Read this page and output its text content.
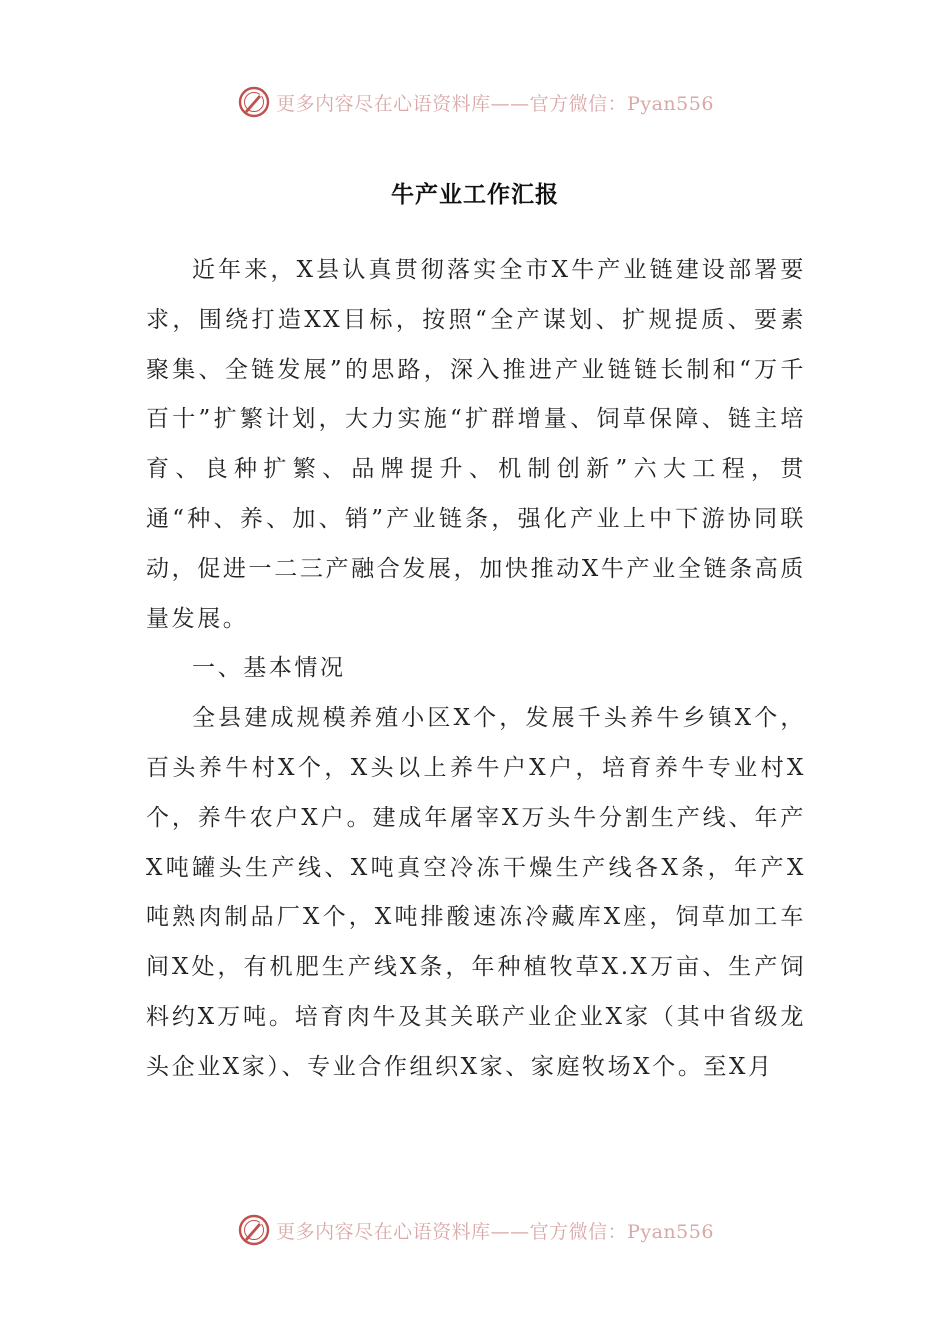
更多内容尽在心语资料库——官方微信：Pyan556
牛产业工作汇报

近年来，X县认真贯彻落实全市X牛产业链建设部署要求，围绕打造XX目标，按照“全产谋划、扩规提质、要素聚集、全链发展”的思路，深入推进产业链链长制和“万千百十”扩繁计划，大力实施“扩群增量、饲草保障、链主培育、良种扩繁、品牌提升、机制创新”六大工程，贯通“种、养、加、销”产业链条，强化产业上中下游协同联动，促进一二三产融合发展，加快推动X牛产业全链条高质量发展。

一、基本情况

全县建成规模养殖小区X个，发展千头养牛乡镇X个，百头养牛村X个，X头以上养牛户X户，培育养牛专业村X个，养牛农户X户。建成年屠宰X万头牛分割生产线、年产X吨罐头生产线、X吨真空冷冻干燥生产线各X条，年产X吨熟肉制品厂X个，X吨排酸速冻冷藏库X座，饲草加工车间X处，有机肥生产线X条，年种植牧草X.X万亩、生产饲料约X万吨。培育肉牛及其关联产业企业X家（其中省级龙头企业X家）、专业合作组织X家、家庭牧场X个。至X月

更多内容尽在心语资料库——官方微信：Pyan556
